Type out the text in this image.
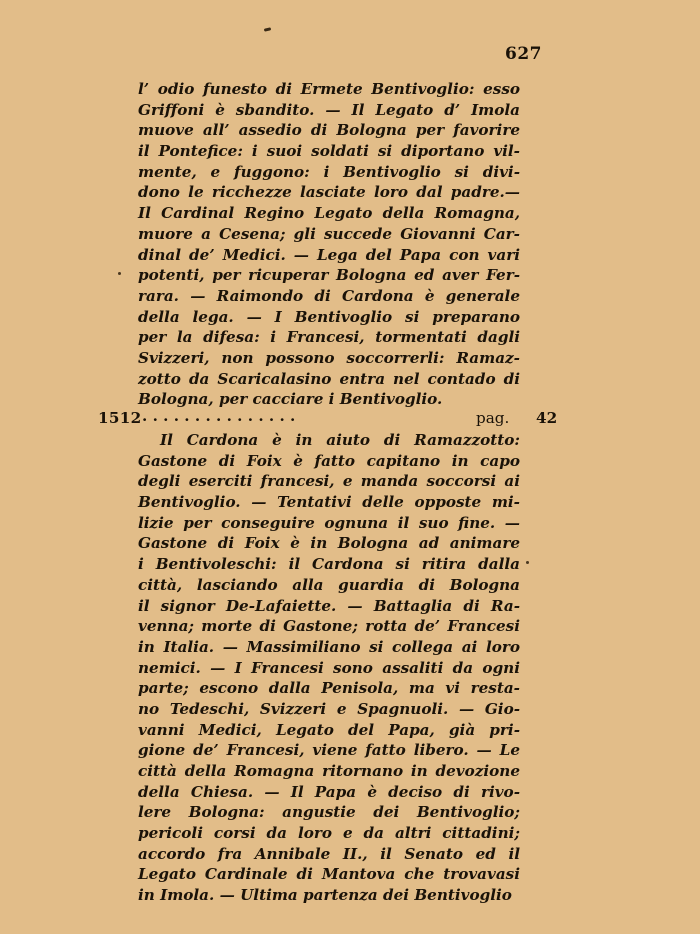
627
l’ odio funesto di Ermete Bentivoglio: esso
Griffoni è sbandito. — Il Legato d’ Imola
muove all’ assedio di Bologna per favorire
il Pontefice: i suoi soldati si diportano vil-
mente, e fuggono: i Bentivoglio si divi-
dono le ricchezze lasciate loro dal padre.—
Il Cardinal Regino Legato della Romagna,
muore a Cesena; gli succede Giovanni Car-
dinal de’ Medici. — Lega del Papa con vari
potenti, per ricuperar Bologna ed aver Fer-
rara. — Raimondo di Cardona è generale
della lega. — I Bentivoglio si preparano
per la difesa: i Francesi, tormentati dagli
Svizzeri, non possono soccorrerli: Ramaz-
zotto da Scaricalasino entra nel contado di
Bologna, per cacciare i Bentivoglio.
1512 . . . . . . . . . . . . . . .	pag. 42
Il Cardona è in aiuto di Ramazzotto:
Gastone di Foix è fatto capitano in capo
degli eserciti francesi, e manda soccorsi ai
Bentivoglio. — Tentativi delle opposte mi-
lizie per conseguire ognuna il suo fine. —
Gastone di Foix è in Bologna ad animare
i Bentivoleschi: il Cardona si ritira dalla
città, lasciando alla guardia di Bologna
il signor De-Lafaiette. — Battaglia di Ra-
venna; morte di Gastone; rotta de’ Francesi
in Italia. — Massimiliano si collega ai loro
nemici. — I Francesi sono assaliti da ogni
parte; escono dalla Penisola, ma vi resta-
no Tedeschi, Svizzeri e Spagnuoli. — Gio-
vanni Medici, Legato del Papa, già pri-
gione de’ Francesi, viene fatto libero. — Le
città della Romagna ritornano in devozione
della Chiesa. — Il Papa è deciso di rivo-
lere Bologna: angustie dei Bentivoglio;
pericoli corsi da loro e da altri cittadini;
accordo fra Annibale II., il Senato ed il
Legato Cardinale di Mantova che trovavasi
in Imola. — Ultima partenza dei Bentivoglio
